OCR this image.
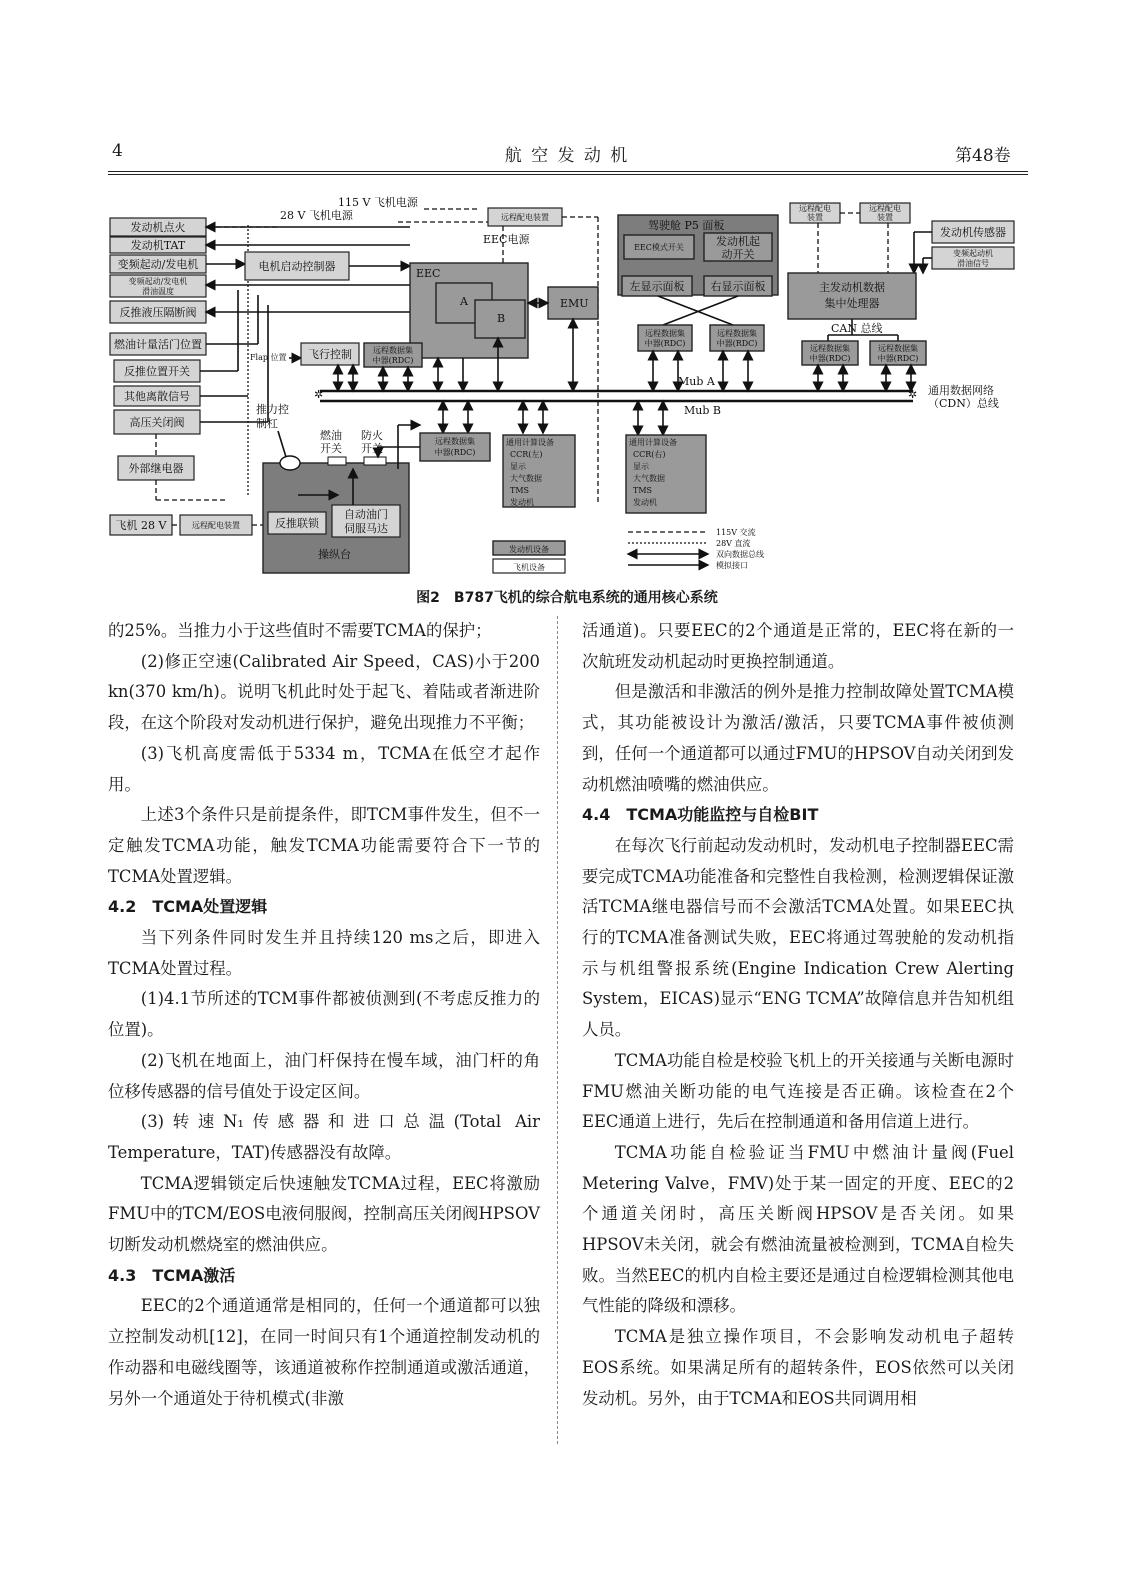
4	航 空 发 动 机	第48卷
发动机点火
发动机TAT
变频起动/发电机
变频起动/发电机
滑油温度
反推液压隔断阀
燃油计量活门位置
反推位置开关
其他离散信号
高压关闭阀
外部继电器
飞机 28 V	远程配电装置
电机启动控制器
115 V 飞机电源
28 V 飞机电源	远程配电装置
EEC电源
EEC
A
B
EMU
Flap 位置 飞行控制	远程数据集
中器(RDC)
驾驶舱 P5 面板
EEC模式开关	发动机起
动开关
左显示面板 右显示面板
远程数据集
中器(RDC)
远程数据集
中器(RDC)
远程配电
装置
远程配电
装置
发动机传感器
变频起动机
滑油信号
主发动机数据
集中处理器
CAN 总线
远程数据集
中器(RDC)
远程数据集
中器(RDC)
Mub A
Mub B
✲	✲ 通用数据网络
（CDN）总线
推力控
制杠
燃油
开关
防火
开关
反推联锁
自动油门
伺服马达
操纵台
远程数据集
中器(RDC)
通用计算设备
CCR(左)
显示
大气数据
TMS
发动机
通用计算设备
CCR(右)
显示
大气数据
TMS
发动机
发动机设备
飞机设备
115V 交流
28V 直流
双向数据总线
模拟接口
图2　B787飞机的综合航电系统的通用核心系统

的25%。当推力小于这些值时不需要TCMA的保护；

(2)修正空速(Calibrated Air Speed，CAS)小于200 kn(370 km/h)。说明飞机此时处于起飞、着陆或者渐进阶段，在这个阶段对发动机进行保护，避免出现推力不平衡；

(3)飞机高度需低于5334 m，TCMA在低空才起作用。

上述3个条件只是前提条件，即TCM事件发生，但不一定触发TCMA功能，触发TCMA功能需要符合下一节的TCMA处置逻辑。

4.2　TCMA处置逻辑

当下列条件同时发生并且持续120 ms之后，即进入TCMA处置过程。

(1)4.1节所述的TCM事件都被侦测到(不考虑反推力的位置)。

(2)飞机在地面上，油门杆保持在慢车域，油门杆的角位移传感器的信号值处于设定区间。

(3)转速N₁传感器和进口总温(Total Air Temperature，TAT)传感器没有故障。

TCMA逻辑锁定后快速触发TCMA过程，EEC将激励FMU中的TCM/EOS电液伺服阀，控制高压关闭阀HPSOV切断发动机燃烧室的燃油供应。

4.3　TCMA激活

EEC的2个通道通常是相同的，任何一个通道都可以独立控制发动机[12]，在同一时间只有1个通道控制发动机的作动器和电磁线圈等，该通道被称作控制通道或激活通道，另外一个通道处于待机模式(非激

活通道)。只要EEC的2个通道是正常的，EEC将在新的一次航班发动机起动时更换控制通道。

但是激活和非激活的例外是推力控制故障处置TCMA模式，其功能被设计为激活/激活，只要TCMA事件被侦测到，任何一个通道都可以通过FMU的HPSOV自动关闭到发动机燃油喷嘴的燃油供应。

4.4　TCMA功能监控与自检BIT

在每次飞行前起动发动机时，发动机电子控制器EEC需要完成TCMA功能准备和完整性自我检测，检测逻辑保证激活TCMA继电器信号而不会激活TCMA处置。如果EEC执行的TCMA准备测试失败，EEC将通过驾驶舱的发动机指示与机组警报系统(Engine Indication Crew Alerting System，EICAS)显示“ENG TCMA”故障信息并告知机组人员。

TCMA功能自检是校验飞机上的开关接通与关断电源时FMU燃油关断功能的电气连接是否正确。该检查在2个EEC通道上进行，先后在控制通道和备用信道上进行。

TCMA功能自检验证当FMU中燃油计量阀(Fuel Metering Valve，FMV)处于某一固定的开度、EEC的2个通道关闭时，高压关断阀HPSOV是否关闭。如果HPSOV未关闭，就会有燃油流量被检测到，TCMA自检失败。当然EEC的机内自检主要还是通过自检逻辑检测其他电气性能的降级和漂移。

TCMA是独立操作项目，不会影响发动机电子超转EOS系统。如果满足所有的超转条件，EOS依然可以关闭发动机。另外，由于TCMA和EOS共同调用相
